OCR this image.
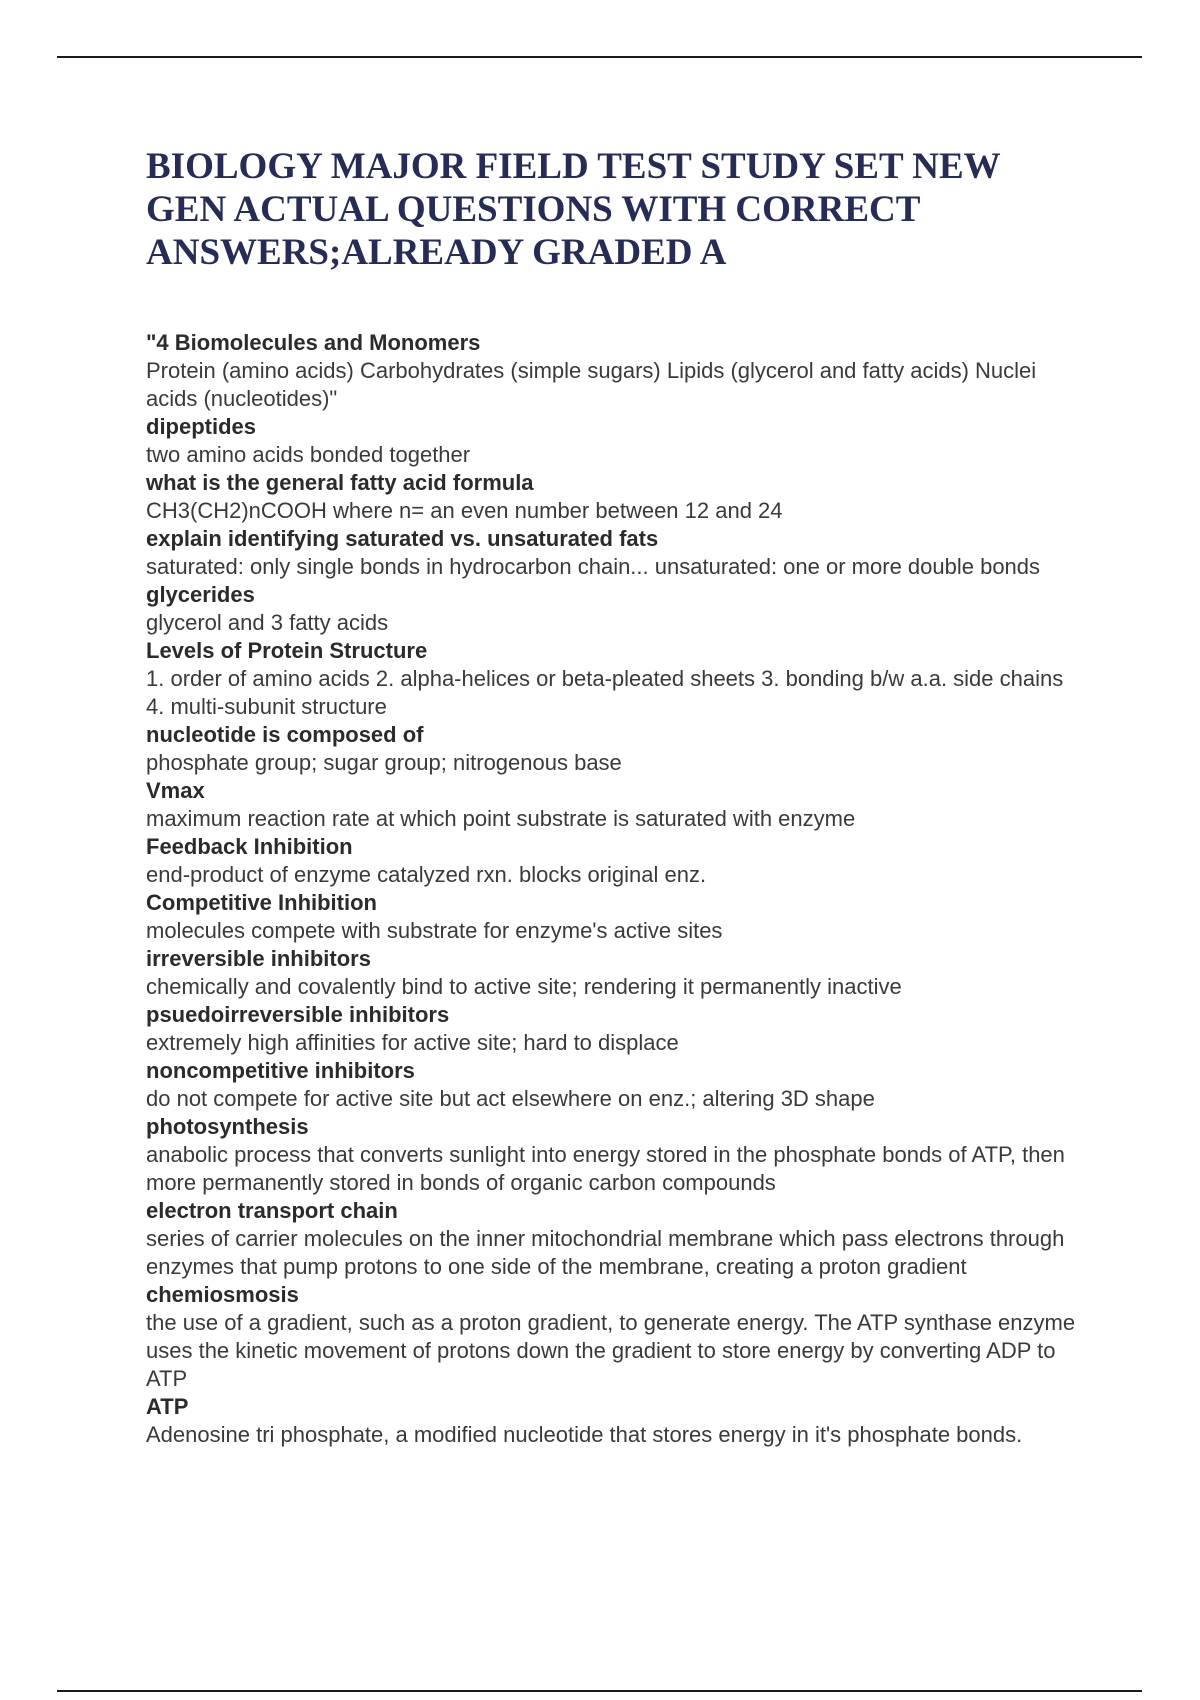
BIOLOGY MAJOR FIELD TEST STUDY SET NEW GEN ACTUAL QUESTIONS WITH CORRECT ANSWERS;ALREADY GRADED A
"4 Biomolecules and Monomers
Protein (amino acids) Carbohydrates (simple sugars) Lipids (glycerol and fatty acids) Nuclei acids (nucleotides)"
dipeptides
two amino acids bonded together
what is the general fatty acid formula
CH3(CH2)nCOOH where n= an even number between 12 and 24
explain identifying saturated vs. unsaturated fats
saturated: only single bonds in hydrocarbon chain... unsaturated: one or more double bonds
glycerides
glycerol and 3 fatty acids
Levels of Protein Structure
1. order of amino acids 2. alpha-helices or beta-pleated sheets 3. bonding b/w a.a. side chains 4. multi-subunit structure
nucleotide is composed of
phosphate group; sugar group; nitrogenous base
Vmax
maximum reaction rate at which point substrate is saturated with enzyme
Feedback Inhibition
end-product of enzyme catalyzed rxn. blocks original enz.
Competitive Inhibition
molecules compete with substrate for enzyme's active sites
irreversible inhibitors
chemically and covalently bind to active site; rendering it permanently inactive
psuedoirreversible inhibitors
extremely high affinities for active site; hard to displace
noncompetitive inhibitors
do not compete for active site but act elsewhere on enz.; altering 3D shape
photosynthesis
anabolic process that converts sunlight into energy stored in the phosphate bonds of ATP, then more permanently stored in bonds of organic carbon compounds
electron transport chain
series of carrier molecules on the inner mitochondrial membrane which pass electrons through enzymes that pump protons to one side of the membrane, creating a proton gradient
chemiosmosis
the use of a gradient, such as a proton gradient, to generate energy. The ATP synthase enzyme uses the kinetic movement of protons down the gradient to store energy by converting ADP to ATP
ATP
Adenosine tri phosphate, a modified nucleotide that stores energy in it's phosphate bonds.
